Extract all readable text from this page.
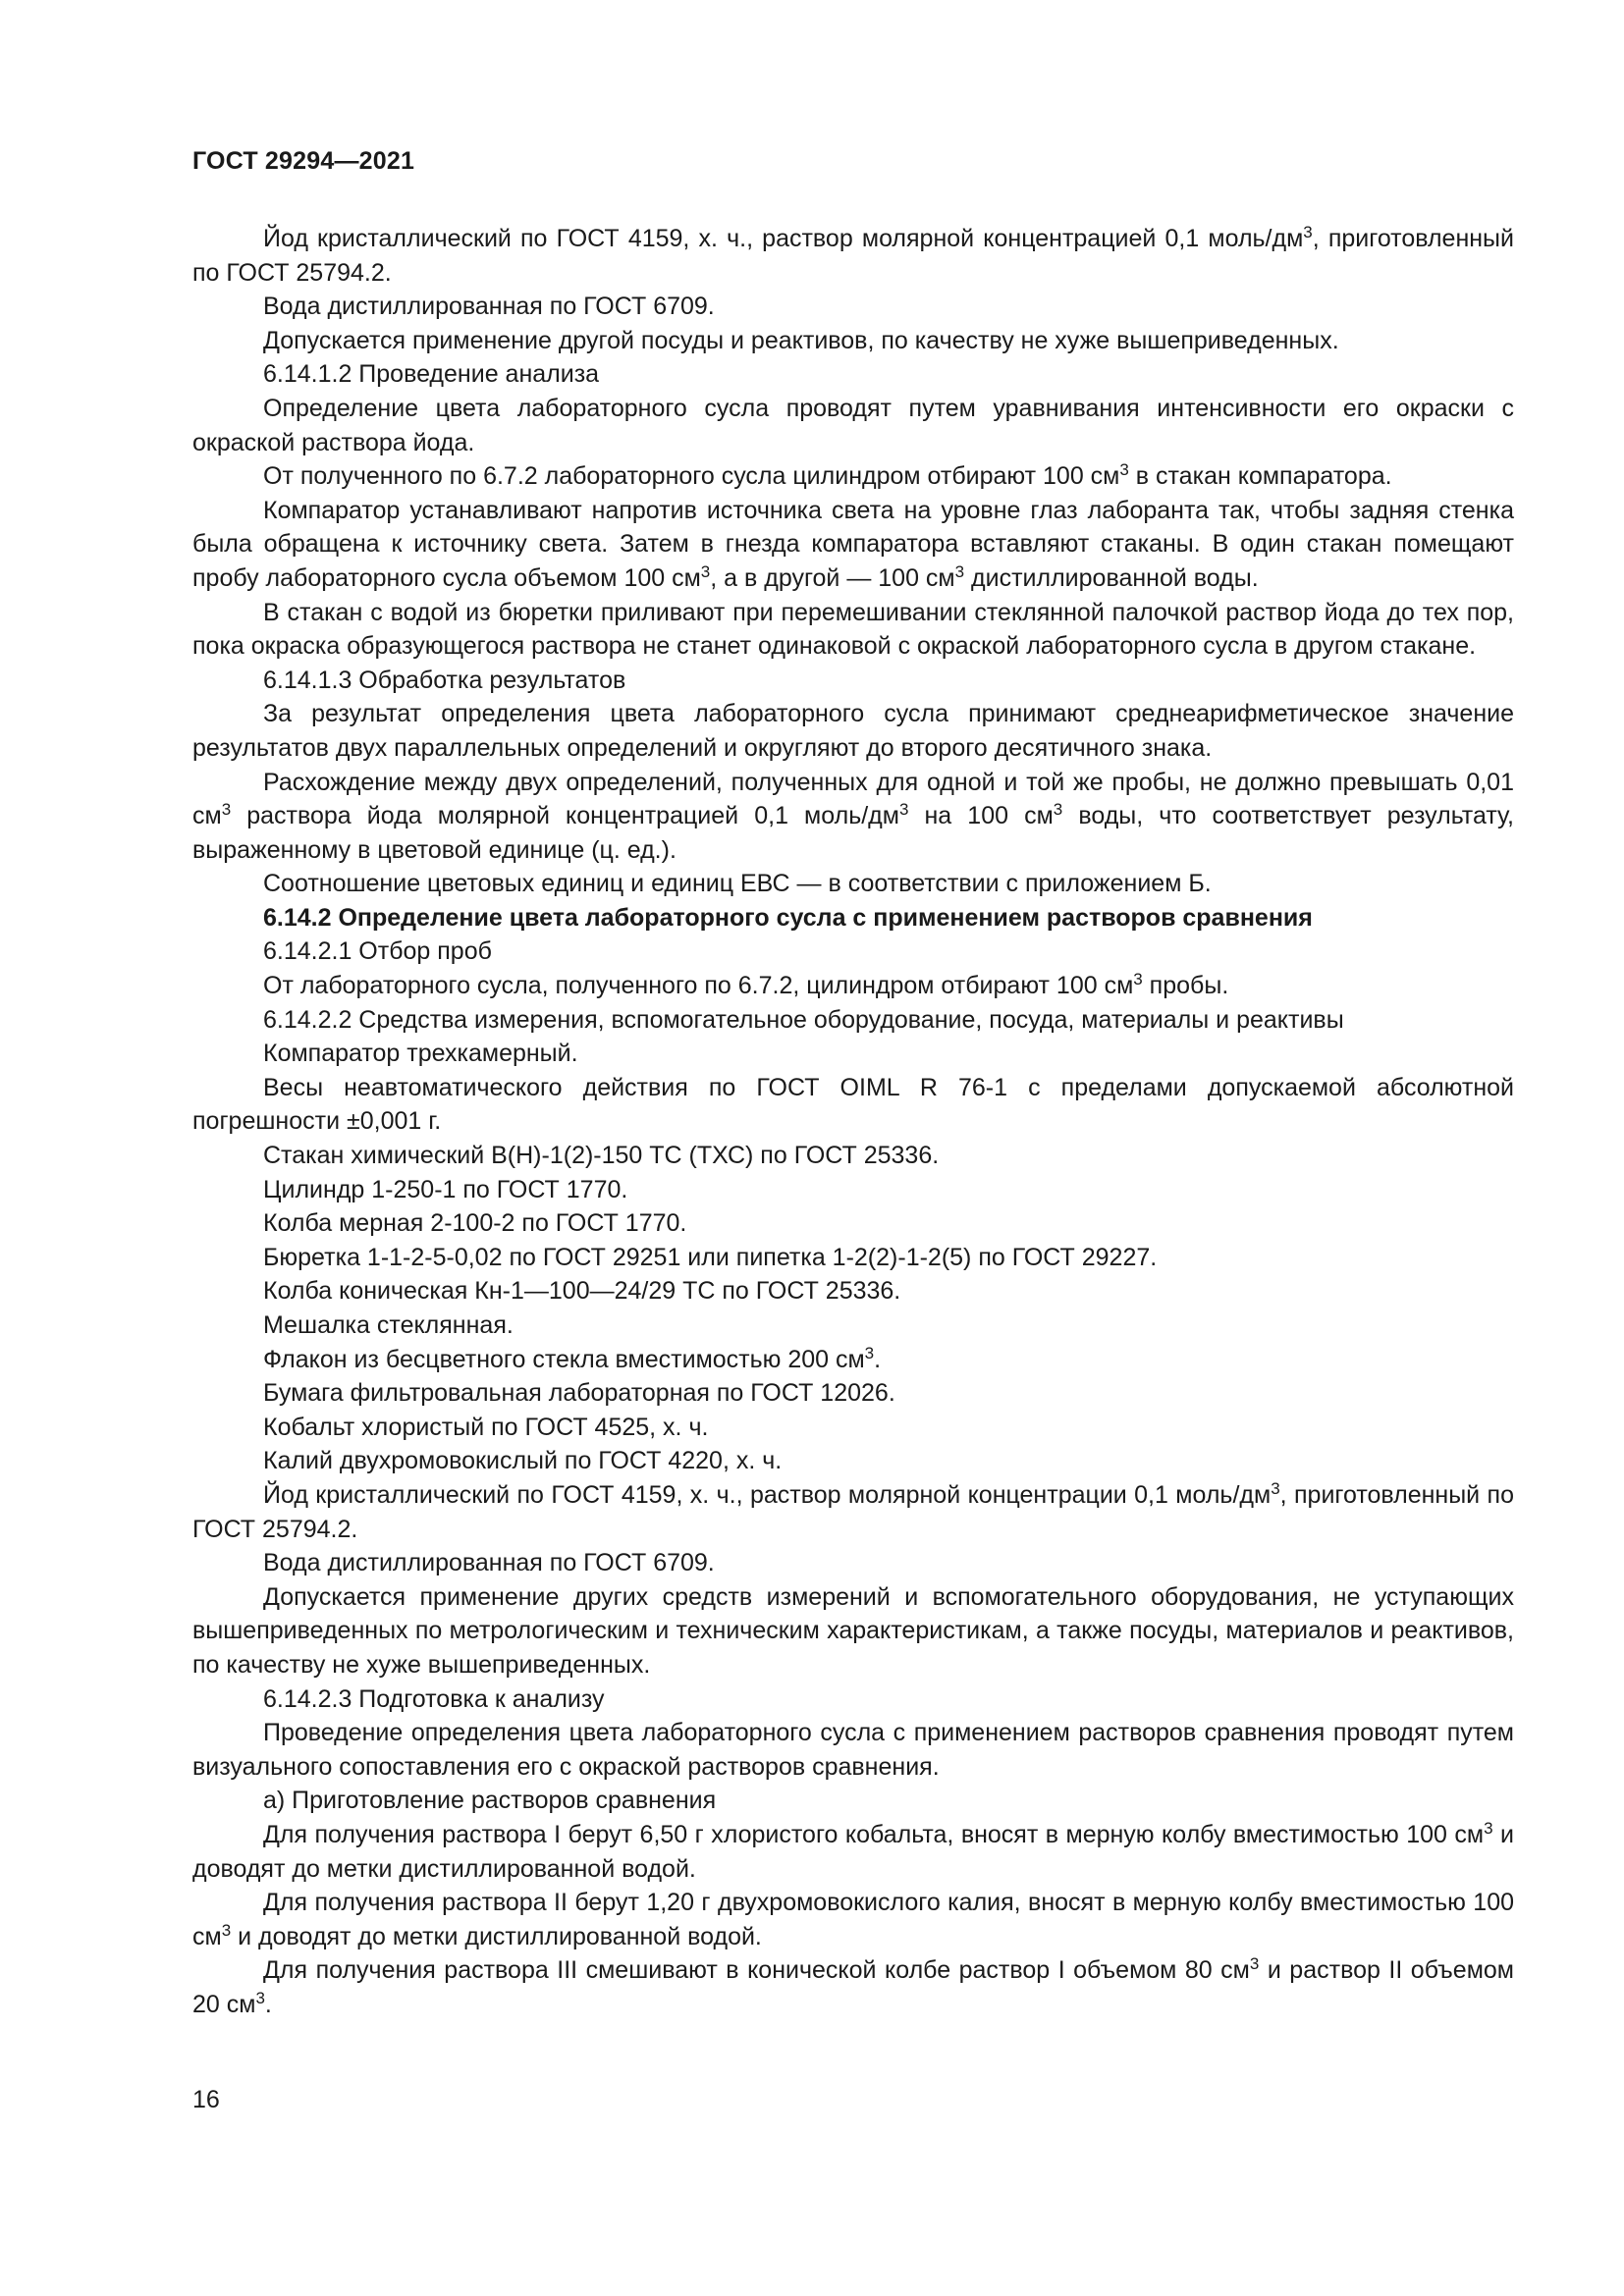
ГОСТ 29294—2021

Йод кристаллический по ГОСТ 4159, х. ч., раствор молярной концентрацией 0,1 моль/$дм^3$, приготовленный по ГОСТ 25794.2.

Вода дистиллированная по ГОСТ 6709.

Допускается применение другой посуды и реактивов, по качеству не хуже вышеприведенных.

6.14.1.2 Проведение анализа

Определение цвета лабораторного сусла проводят путем уравнивания интенсивности его окраски с окраской раствора йода.

От полученного по 6.7.2 лабораторного сусла цилиндром отбирают 100 $см^3$ в стакан компаратора.

Компаратор устанавливают напротив источника света на уровне глаз лаборанта так, чтобы задняя стенка была обращена к источнику света. Затем в гнезда компаратора вставляют стаканы. В один стакан помещают пробу лабораторного сусла объемом 100 $см^3$, а в другой — 100 $см^3$ дистиллированной воды.

В стакан с водой из бюретки приливают при перемешивании стеклянной палочкой раствор йода до тех пор, пока окраска образующегося раствора не станет одинаковой с окраской лабораторного сусла в другом стакане.

6.14.1.3 Обработка результатов

За результат определения цвета лабораторного сусла принимают среднеарифметическое значение результатов двух параллельных определений и округляют до второго десятичного знака.

Расхождение между двух определений, полученных для одной и той же пробы, не должно превышать 0,01 $см^3$ раствора йода молярной концентрацией 0,1 моль/$дм^3$ на 100 $см^3$ воды, что соответствует результату, выраженному в цветовой единице (ц. ед.).

Соотношение цветовых единиц и единиц ЕВС — в соответствии с приложением Б.

6.14.2 Определение цвета лабораторного сусла с применением растворов сравнения

6.14.2.1 Отбор проб

От лабораторного сусла, полученного по 6.7.2, цилиндром отбирают 100 $см^3$ пробы.

6.14.2.2 Средства измерения, вспомогательное оборудование, посуда, материалы и реактивы

Компаратор трехкамерный.

Весы неавтоматического действия по ГОСТ OIML R 76-1 с пределами допускаемой абсолютной погрешности ±0,001 г.

Стакан химический В(Н)-1(2)-150 ТС (ТХС) по ГОСТ 25336.

Цилиндр 1-250-1 по ГОСТ 1770.

Колба мерная 2-100-2 по ГОСТ 1770.

Бюретка 1-1-2-5-0,02 по ГОСТ 29251 или пипетка 1-2(2)-1-2(5) по ГОСТ 29227.

Колба коническая Кн-1—100—24/29 ТС по ГОСТ 25336.

Мешалка стеклянная.

Флакон из бесцветного стекла вместимостью 200 $см^3$.

Бумага фильтровальная лабораторная по ГОСТ 12026.

Кобальт хлористый по ГОСТ 4525, х. ч.

Калий двухромовокислый по ГОСТ 4220, х. ч.

Йод кристаллический по ГОСТ 4159, х. ч., раствор молярной концентрации 0,1 моль/$дм^3$, приготовленный по ГОСТ 25794.2.

Вода дистиллированная по ГОСТ 6709.

Допускается применение других средств измерений и вспомогательного оборудования, не уступающих вышеприведенных по метрологическим и техническим характеристикам, а также посуды, материалов и реактивов, по качеству не хуже вышеприведенных.

6.14.2.3 Подготовка к анализу

Проведение определения цвета лабораторного сусла с применением растворов сравнения проводят путем визуального сопоставления его с окраской растворов сравнения.

а) Приготовление растворов сравнения

Для получения раствора I берут 6,50 г хлористого кобальта, вносят в мерную колбу вместимостью 100 $см^3$ и доводят до метки дистиллированной водой.

Для получения раствора II берут 1,20 г двухромовокислого калия, вносят в мерную колбу вместимостью 100 $см^3$ и доводят до метки дистиллированной водой.

Для получения раствора III смешивают в конической колбе раствор I объемом 80 $см^3$ и раствор II объемом 20 $см^3$.

16
